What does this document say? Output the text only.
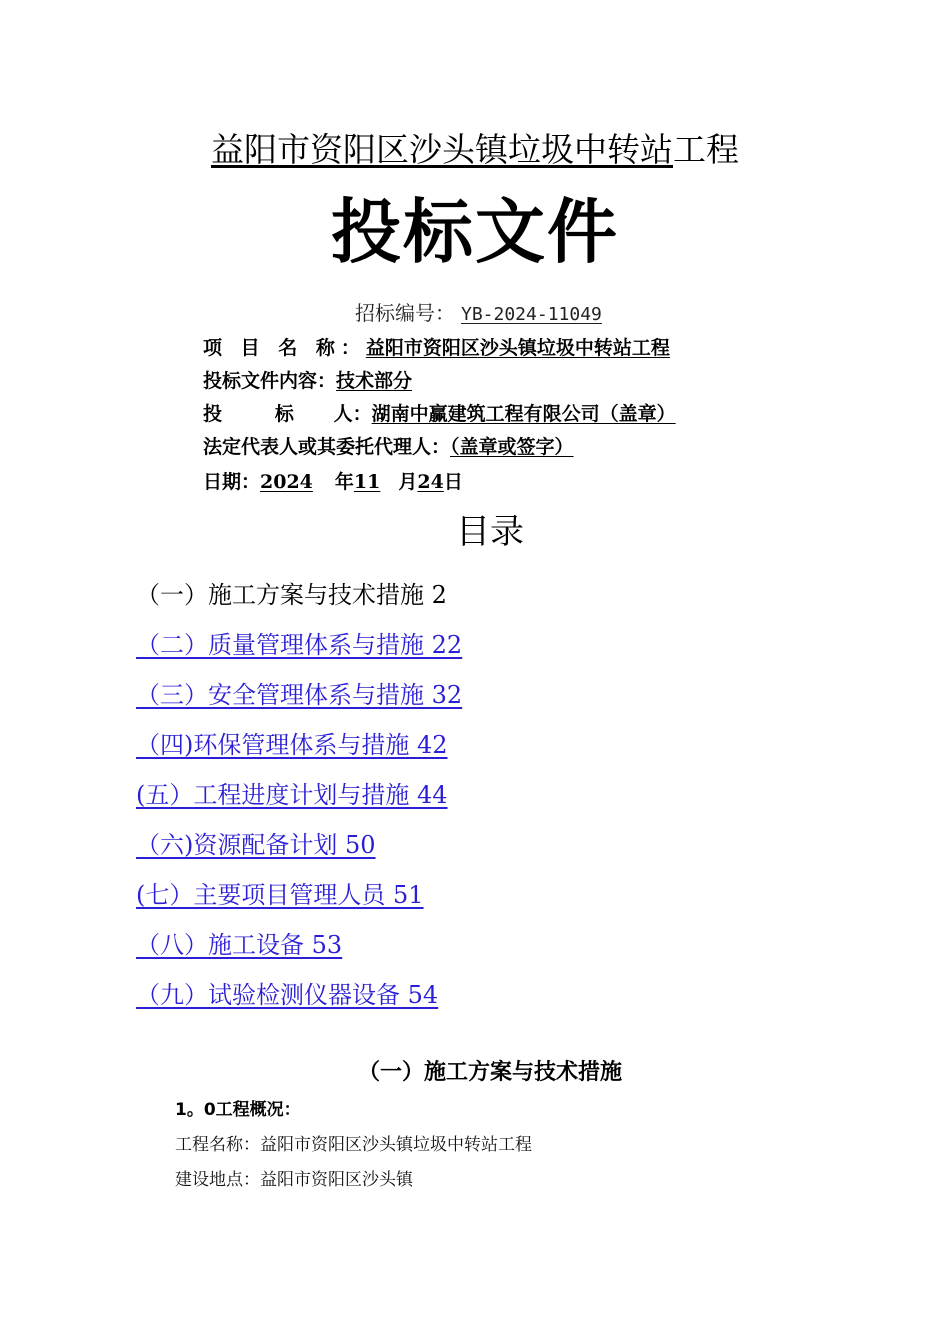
益阳市资阳区沙头镇垃圾中转站工程
投标文件
招标编号： YB-2024-11049
项 目 名 称：益阳市资阳区沙头镇垃圾中转站工程
投标文件内容：技术部分
投        标      人：湖南中赢建筑工程有限公司（盖章）
法定代表人或其委托代理人：（盖章或签字）
日期：2024 年11 月24日
目录
（一）施工方案与技术措施 2
（二）质量管理体系与措施 22
（三）安全管理体系与措施 32
（四)环保管理体系与措施 42
(五）工程进度计划与措施 44
（六)资源配备计划 50
(七）主要项目管理人员 51
（八）施工设备 53
（九）试验检测仪器设备 54
（一）施工方案与技术措施
1。0工程概况：
工程名称：益阳市资阳区沙头镇垃圾中转站工程
建设地点：益阳市资阳区沙头镇
